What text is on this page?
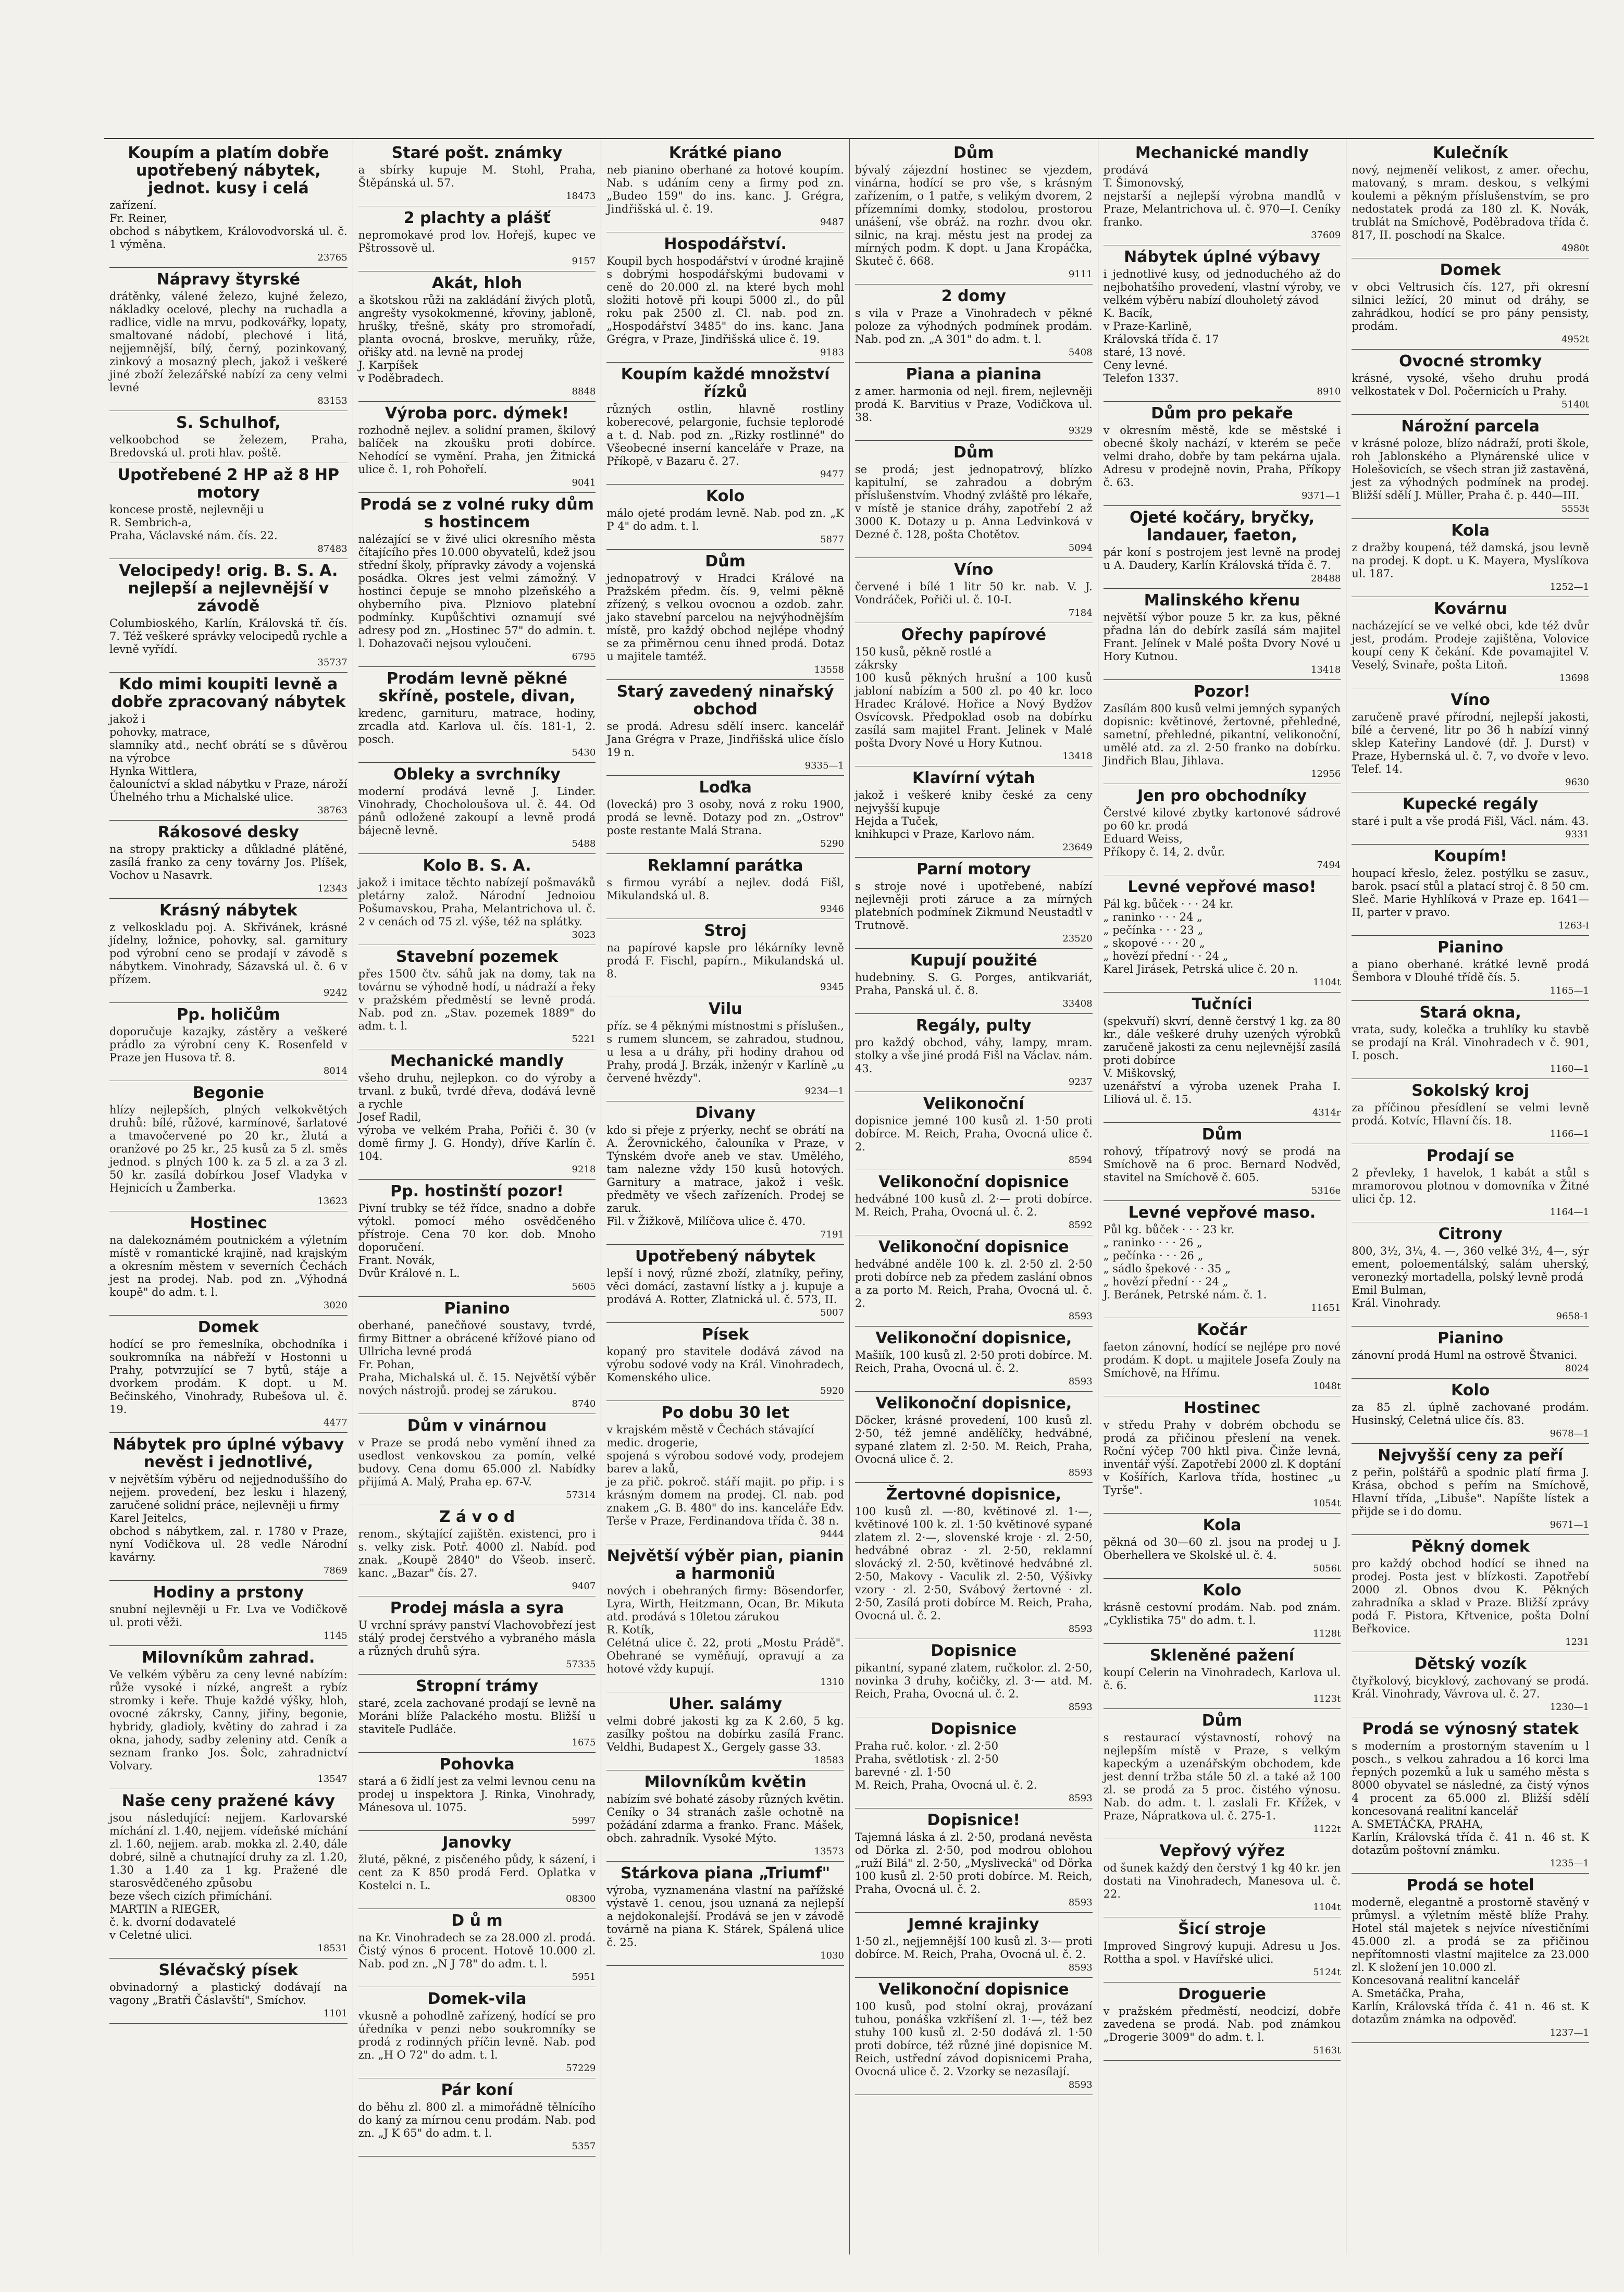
Koupím a platím dobře upotřebený nábytek, jednot. kusy i celá
zařízení.
Fr. Reiner,
obchod s nábytkem, Královodvorská ul. č. 1 výměna.
23765
Nápravy štyrské
drátěnky, válené železo, kujné železo, nákladky ocelové, plechy na ruchadla a radlice, vidle na mrvu, podkovářky, lopaty, smaltované nádobí, plechové i litá, nejjemnější, bílý, černý, pozinkovaný, zinkový a mosazný plech, jakož i veškeré jiné zboží železářské nabízí za ceny velmi levné
83153
S. Schulhof,
velkoobchod se železem, Praha, Bredovská ul. proti hlav. poště.
Upotřebené 2 HP až 8 HP motory
koncese prostě, nejlevněji u
R. Sembrich-a,
Praha, Václavské nám. čís. 22.
87483
Velocipedy! orig. B. S. A. nejlepší a nejlevnější v závodě
Columbioského, Karlín, Královská tř. čís. 7. Též veškeré správky velocipedů rychle a levně vyřídí.
35737
Kdo mimi koupiti levně a dobře zpracovaný nábytek
jakož i
pohovky, matrace,
slamníky atd., nechť obrátí se s důvěrou na výrobce
Hynka Wittlera,
čalouníctví a sklad nábytku v Praze, nároží Úhelného trhu a Michalské ulice.
38763
Rákosové desky
na stropy prakticky a důkladné plátěné, zasílá franko za ceny továrny Jos. Plíšek, Vochov u Nasavrk.
12343
Krásný nábytek
z velkoskladu poj. A. Skřivánek, krásné jídelny, ložnice, pohovky, sal. garnitury pod výrobní ceno se prodají v závodě s nábytkem. Vinohrady, Sázavská ul. č. 6 v přízem.
9242
Pp. holičům
doporučuje kazajky, zástěry a veškeré prádlo za výrobní ceny K. Rosenfeld v Praze jen Husova tř. 8.
8014
Begonie
hlízy nejlepších, plných velkokvětých druhů: bílé, růžové, karmínové, šarlatové a tmavočervené po 20 kr., žlutá a oranžové po 25 kr., 25 kusů za 5 zl. směs jednod. s plných 100 k. za 5 zl. a za 3 zl. 50 kr. zasílá dobírkou Josef Vladyka v Hejnicích u Žamberka.
13623
Hostinec
na dalekoznámém poutnickém a výletním místě v romantické krajině, nad krajským a okresním městem v severních Čechách jest na prodej. Nab. pod zn. „Výhodná koupě" do adm. t. l.
3020
Domek
hodící se pro řemeslníka, obchodníka i soukromníka na nábřeží v Hostonni u Prahy, potvrzující se 7 bytů, stáje a dvorkem prodám. K dopt. u M. Bečinského, Vinohrady, Rubešova ul. č. 19.
4477
Nábytek pro úplné výbavy nevěst i jednotlivé,
v největším výběru od nejjednoduššího do nejjem. provedení, bez lesku i hlazený, zaručené solidní práce, nejlevněji u firmy
Karel Jeitelcs,
obchod s nábytkem, zal. r. 1780 v Praze, nyní Vodičkova ul. 28 vedle Národní kavárny.
7869
Hodiny a prstony
snubní nejlevněji u Fr. Lva ve Vodičkově ul. proti věži.
1145
Milovníkům zahrad.
Ve velkém výběru za ceny levné nabízím: růže vysoké i nízké, angrešt a rybíz stromky i keře. Thuje každé výšky, hloh, ovocné zákrsky, Canny, jiřiny, begonie, hybridy, gladioly, květiny do zahrad i za okna, jahody, sadby zeleniny atd. Ceník a seznam franko Jos. Šolc, zahradnictví Volvary.
13547
Naše ceny pražené kávy
jsou následující: nejjem. Karlovarské míchání zl. 1.40, nejjem. vídeňské míchání zl. 1.60, nejjem. arab. mokka zl. 2.40, dále dobré, silně a chutnající druhy za zl. 1.20, 1.30 a 1.40 za 1 kg. Pražené dle starosvědčeného způsobu
beze všech cizích přimíchání.
MARTIN a RIEGER,
č. k. dvorní dodavatelé
v Celetné ulici.
18531
Slévačský písek
obvinadorný a plastický dodávají na vagony „Bratři Čáslavští", Smíchov.
1101
Staré pošt. známky
a sbírky kupuje M. Stohl, Praha, Štěpánská ul. 57.
18473
2 plachty a plášť
nepromokavé prod lov. Hořejš, kupec ve Pštrossově ul.
9157
Akát, hloh
a škotskou růži na zakládání živých plotů, angrešty vysokokmenné, křoviny, jabloně, hrušky, třešně, skáty pro stromořadí, planta ovocná, broskve, meruňky, růže, ořišky atd. na levně na prodej
J. Karpíšek
v Poděbradech.
8848
Výroba porc. dýmek!
rozhodně nejlev. a solidní pramen, škilový balíček na zkoušku proti dobírce. Nehodící se vymění. Praha, jen Žitnická ulice č. 1, roh Pohořelí.
9041
Prodá se z volné ruky dům s hostincem
nalézající se v živé ulici okresního města čítajícího přes 10.000 obyvatelů, kdež jsou střední školy, přípravky závody a vojenská posádka. Okres jest velmi zámožný. V hostinci čepuje se mnoho plzeňského a ohyberního piva. Plzniovo platební podmínky. Kupůšchtivi oznamují své adresy pod zn. „Hostinec 57" do admin. t. l. Dohazovači nejsou vyloučeni.
6795
Prodám levně pěkné skříně, postele, divan,
kredenc, garnituru, matrace, hodiny, zrcadla atd. Karlova ul. čís. 181-1, 2. posch.
5430
Obleky a svrchníky
moderní prodává levně J. Linder. Vinohrady, Chocholoušova ul. č. 44. Od pánů odložené zakoupí a levně prodá bájecně levně.
5488
Kolo B. S. A.
jakož i imitace těchto nabízejí pošmaváků pletárny založ. Národní Jednoiou Pošumavskou, Praha, Melantrichova ul. č. 2 v cenách od 75 zl. výše, též na splátky.
3023
Stavební pozemek
přes 1500 čtv. sáhů jak na domy, tak na továrnu se výhodně hodí, u nádraží a řeky v pražském předměstí se levně prodá. Nab. pod zn. „Stav. pozemek 1889" do adm. t. l.
5221
Mechanické mandly
všeho druhu, nejlepkon. co do výroby a trvanl. z buků, tvrdé dřeva, dodává levně a rychle
Josef Radil,
výroba ve velkém Praha, Pořiči č. 30 (v domě firmy J. G. Hondy), dříve Karlín č. 104.
9218
Pp. hostinští pozor!
Pivní trubky se též řídce, snadno a dobře výtokl. pomocí mého osvědčeného přístroje. Cena 70 kor. dob. Mnoho doporučení.
Frant. Novák,
Dvůr Králové n. L.
5605
Pianino
oberhané, panečňové soustavy, tvrdé, firmy Bittner a obrácené křížové piano od Ullricha levné prodá
Fr. Pohan,
Praha, Michalská ul. č. 15. Největší výběr nových nástrojů. prodej se zárukou.
8740
Dům v vinárnou
v Praze se prodá nebo vymění ihned za usedlost venkovskou za pomín, velké budovy. Cena domu 65.000 zl. Nabídky přijímá A. Malý, Praha ep. 67-V.
57314
Z á v o d
renom., skýtající zajištěn. existenci, pro i s. velky zisk. Potř. 4000 zl. Nabíd. pod znak. „Koupě 2840" do Všeob. inserč. kanc. „Bazar" čís. 27.
9407
Prodej másla a syra
U vrchní správy panství Vlachovobřezí jest stálý prodej čerstvého a vybraného másla a různých druhů sýra.
57335
Stropní trámy
staré, zcela zachované prodají se levně na Moráni blíže Palackého mostu. Bližší u staviteľe Pudláče.
1675
Pohovka
stará a 6 židlí jest za velmi levnou cenu na prodej u inspektora J. Rinka, Vinohrady, Mánesova ul. 1075.
5997
Janovky
žluté, pěkné, z pisčeného půdy, k sázení, i cent za K 850 prodá Ferd. Oplatka v Kostelci n. L.
08300
D ů m
na Kr. Vinohradech se za 28.000 zl. prodá. Čistý výnos 6 procent. Hotově 10.000 zl. Nab. pod zn. „N J 78" do adm. t. l.
5951
Domek-vila
vkusně a pohodlně zařízený, hodící se pro úředníka v penzi nebo soukromníky se prodá z rodinných příčin levně. Nab. pod zn. „H O 72" do adm. t. l.
57229
Pár koní
do běhu zl. 800 zl. a mimořádně tělnícího do kaný za mírnou cenu prodám. Nab. pod zn. „J K 65" do adm. t. l.
5357
Krátké piano
neb pianino oberhané za hotové koupím. Nab. s udáním ceny a firmy pod zn. „Budeo 159" do ins. kanc. J. Grégra, Jindřišská ul. č. 19.
9487
Hospodářství.
Koupil bych hospodářství v úrodné krajině s dobrými hospodářskými budovami v ceně do 20.000 zl. na které bych mohl složiti hotově při koupi 5000 zl., do půl roku pak 2500 zl. Cl. nab. pod zn. „Hospodářství 3485" do ins. kanc. Jana Grégra, v Praze, Jindřišská ulice č. 19.
9183
Koupím každé množství řízků
různých ostlin, hlavně rostliny koberecové, pelargonie, fuchsie teplorodé a t. d. Nab. pod zn. „Rizky rostlinné" do Všeobecné inserní kanceláře v Praze, na Příkopě, v Bazaru č. 27.
9477
Kolo
málo ojeté prodám levně. Nab. pod zn. „K P 4" do adm. t. l.
5877
Dům
jednopatrový v Hradci Králové na Pražském předm. čís. 9, velmi pěkně zřízený, s velkou ovocnou a ozdob. zahr. jako stavební parcelou na nejvýhodnějším místě, pro každý obchod nejlépe vhodný se za přiměrnou cenu ihned prodá. Dotaz u majitele tamtéž.
13558
Starý zavedený ninařský obchod
se prodá. Adresu sdělí inserc. kancelář Jana Grégra v Praze, Jindřišská ulice číslo 19 n.
9335—1
Loďka
(lovecká) pro 3 osoby, nová z roku 1900, prodá se levně. Dotazy pod zn. „Ostrov" poste restante Malá Strana.
5290
Reklamní parátka
s firmou vyrábí a nejlev. dodá Fišl, Mikulandská ul. 8.
9346
Stroj
na papírové kapsle pro lékárníky levně prodá F. Fischl, papírn., Mikulandská ul. 8.
9345
Vilu
příz. se 4 pěknými místnostmi s příslušen., s rumem sluncem, se zahradou, studnou, u lesa a u dráhy, při hodiny drahou od Prahy, prodá J. Brzák, inženýr v Karlíně „u červené hvězdy".
9234—1
Divany
kdo si přeje z prýerky, nechť se obrátí na A. Žerovnického, čalouníka v Praze, v Týnském dvoře aneb ve stav. Umělého, tam nalezne vždy 150 kusů hotových. Garnitury a matrace, jakož i vešk. předměty ve všech zařízeních. Prodej se zaruk.
Fil. v Žižkově, Milíčova ulice č. 470.
7191
Upotřebený nábytek
lepší i nový, různé zboží, zlatníky, peřiny, věci domácí, zastavní lístky a j. kupuje a prodává A. Rotter, Zlatnická ul. č. 573, II.
5007
Písek
kopaný pro stavitele dodává závod na výrobu sodové vody na Král. Vinohradech, Komenského ulice.
5920
Po dobu 30 let
v krajském městě v Čechách stávající
medic. drogerie,
spojená s výrobou sodové vody, prodejem barev a laků,
je za přič. pokroč. stáří majit. po přip. i s krásným domem na prodej. Cl. nab. pod znakem „G. B. 480" do ins. kanceláře Edv. Terše v Praze, Ferdinandova třída č. 38 n.
9444
Největší výběr pian, pianin a harmoniů
nových i obehraných firmy: Bösendorfer, Lyra, Wirth, Heitzmann, Ocan, Br. Mikuta atd. prodává s 10letou zárukou
R. Kotík,
Celétná ulice č. 22, proti „Mostu Prádě". Obehrané se vyměňují, opravují a za hotové vždy kupují.
1310
Uher. salámy
velmi dobré jakosti kg za K 2.60, 5 kg. zasílky poštou na dobírku zasílá Franc. Veldhi, Budapest X., Gergely gasse 33.
18583
Milovníkům květin
nabízím své bohaté zásoby různých květin. Ceníky o 34 stranách zašle ochotně na požádání zdarma a franko. Franc. Mášek, obch. zahradník. Vysoké Mýto.
13573
Stárkova piana „Triumf"
výroba, vyznamenána vlastní na pařížské výstavě 1. cenou, jsou uznaná za nejlepší a nejdokonalejší. Prodává se jen v závodě továrně na piana K. Stárek, Spálená ulice č. 25.
1030
Dům
bývalý zájezdní hostinec se vjezdem, vinárna, hodící se pro vše, s krásným zařízením, o 1 patře, s velikým dvorem, 2 přízemními domky, stodolou, prostorou unášení, vše obráž. na rozhr. dvou okr. silnic, na kraj. městu jest na prodej za mírných podm. K dopt. u Jana Kropáčka, Skuteč č. 668.
9111
2 domy
s vila v Praze a Vinohradech v pěkné poloze za výhodných podmínek prodám. Nab. pod zn. „A 301" do adm. t. l.
5408
Piana a pianina
z amer. harmonia od nejl. firem, nejlevněji prodá K. Barvitius v Praze, Vodičkova ul. 38.
9329
Dům
se prodá; jest jednopatrový, blízko kapitulní, se zahradou a dobrým příslušenstvím. Vhodný zvláště pro lékaře, v místě je stanice dráhy, zapotřebí 2 až 3000 K. Dotazy u p. Anna Ledvinková v Dezné č. 128, pošta Chotětov.
5094
Víno
červené i bílé 1 litr 50 kr. nab. V. J. Vondráček, Pořiči ul. č. 10-I.
7184
Ořechy papírové
150 kusů, pěkně rostlé a
zákrsky
100 kusů pěkných hrušní a 100 kusů jabloní nabízím a 500 zl. po 40 kr. loco Hradec Králové. Hořice a Nový Bydžov Osvícovsk. Předpoklad osob na dobírku zasílá sam majitel Frant. Jelinek v Malé pošta Dvory Nové u Hory Kutnou.
13418
Klavírní výtah
jakož i veškeré kniby české za ceny nejvyšší kupuje
Hejda a Tuček,
knihkupci v Praze, Karlovo nám.
23649
Parní motory
s stroje nové i upotřebené, nabízí nejlevněji proti záruce a za mírných platebních podmínek Zikmund Neustadtl v Trutnově.
23520
Kupují použité
hudebniny. S. G. Porges, antikvariát, Praha, Panská ul. č. 8.
33408
Regály, pulty
pro každý obchod, váhy, lampy, mram. stolky a vše jiné prodá Fišl na Václav. nám. 43.
9237
Velikonoční
dopisnice jemné 100 kusů zl. 1·50 proti dobírce. M. Reich, Praha, Ovocná ulice č. 2.
8594
Velikonoční dopisnice
hedvábné 100 kusů zl. 2·— proti dobírce. M. Reich, Praha, Ovocná ul. č. 2.
8592
Velikonoční dopisnice
hedvábné anděle 100 k. zl. 2·50 zl. 2·50 proti dobírce neb za předem zaslání obnos a za porto M. Reich, Praha, Ovocná ul. č. 2.
8593
Velikonoční dopisnice,
Mašiík, 100 kusů zl. 2·50 proti dobírce. M. Reich, Praha, Ovocná ul. č. 2.
8593
Velikonoční dopisnice,
Döcker, krásné provedení, 100 kusů zl. 2·50, též jemné andělíčky, hedvábné, sypané zlatem zl. 2·50. M. Reich, Praha, Ovocná ulice č. 2.
8593
Žertovné dopisnice,
100 kusů zl. —·80, květinové zl. 1·—, květinové 100 k. zl. 1·50 květinové sypané zlatem zl. 2·—, slovenské kroje · zl. 2·50, hedvábné obraz · zl. 2·50, reklamní slovácký zl. 2·50, květinové hedvábné zl. 2·50, Makovy - Vaculik zl. 2·50, Výšivky vzory · zl. 2·50, Svábový žertovné · zl. 2·50, Zasílá proti dobírce M. Reich, Praha, Ovocná ul. č. 2.
8593
Dopisnice
pikantní, sypané zlatem, ručkolor. zl. 2·50, novinka 3 druhy, kočičky, zl. 3·— atd. M. Reich, Praha, Ovocná ul. č. 2.
8593
Dopisnice
Praha ruč. kolor. · zl. 2·50
Praha, světlotisk · zl. 2·50
barevné · zl. 1·50
M. Reich, Praha, Ovocná ul. č. 2.
8593
Dopisnice!
Tajemná láska á zl. 2·50, prodaná nevěsta od Dörka zl. 2·50, pod modrou oblohou „ruží Bilá" zl. 2·50, „Myslivecká" od Dörka 100 kusů zl. 2·50 proti dobírce. M. Reich, Praha, Ovocná ul. č. 2.
8593
Jemné krajinky
1·50 zl., nejjemnější 100 kusů zl. 3·— proti dobírce. M. Reich, Praha, Ovocná ul. č. 2.
8593
Velikonoční dopisnice
100 kusů, pod stolní okraj, provázaní tuhou, ponáška vzkříšení zl. 1·—, též bez stuhy 100 kusů zl. 2·50 dodává zl. 1·50 proti dobírce, též různé jiné dopisnice M. Reich, ustřední závod dopisnicemi Praha, Ovocná ulice č. 2. Vzorky se nezasílají.
8593
Mechanické mandly
prodává
T. Šimonovský,
nejstarší a nejlepší výrobna mandlů v Praze, Melantrichova ul. č. 970—I. Ceníky franko.
37609
Nábytek úplné výbavy
i jednotlivé kusy, od jednoduchého až do nejbohatšího provedení, vlastní výroby, ve velkém výběru nabízí dlouholetý závod
K. Bacík,
v Praze-Karlině,
Královská třída č. 17
staré, 13 nové.
Ceny levné.
Telefon 1337.
8910
Dům pro pekaře
v okresním městě, kde se městské i obecné školy nachází, v kterém se peče velmi draho, dobře by tam pekárna ujala. Adresu v prodejně novin, Praha, Příkopy č. 63.
9371—1
Ojeté kočáry, bryčky, landauer, faeton,
pár koní s postrojem jest levně na prodej u A. Daudery, Karlín Královská třída č. 7.
28488
Malinského křenu
největší výbor pouze 5 kr. za kus, pěkné přadna lán do debírk zasílá sám majitel Frant. Jelínek v Malé pošta Dvory Nové u Hory Kutnou.
13418
Pozor!
Zasílám 800 kusů velmi jemných sypaných dopisnic: květinové, žertovné, přehledné, sametní, přehledné, pikantní, velikonoční, umělé atd. za zl. 2·50 franko na dobírku. Jindřich Blau, Jihlava.
12956
Jen pro obchodníky
Čerstvé kilové zbytky kartonové sádrové po 60 kr. prodá
Eduard Weiss,
Příkopy č. 14, 2. dvůr.
7494
Levné vepřové maso!
Pál kg. bůček · · · 24 kr.
„ raninko · · · 24 „
„ pečínka · · · 23 „
„ skopové · · · 20 „
„ hovězí přední · · 24 „
Karel Jirásek, Petrská ulice č. 20 n.
1104t
Tučníci
(spekvuří) skvrí, denně čerstvý 1 kg. za 80 kr., dále veškeré druhy uzených výrobků zaručeně jakosti za cenu nejlevnější zasílá proti dobírce
V. Miškovský,
uzenářství a výroba uzenek Praha I. Liliová ul. č. 15.
4314r
Dům
rohový, třípatrový nový se prodá na Smíchově na 6 proc. Bernard Nodvěd, stavitel na Smíchově č. 605.
5316e
Levné vepřové maso.
Půl kg. bůček · · · 23 kr.
„ raninko · · · 26 „
„ pečínka · · · 26 „
„ sádlo špekové · · 35 „
„ hovězí přední · · 24 „
J. Beránek, Petrské nám. č. 1.
11651
Kočár
faeton zánovní, hodící se nejlépe pro nové prodám. K dopt. u majitele Josefa Zouly na Smíchově, na Hřímu.
1048t
Hostinec
v středu Prahy v dobrém obchodu se prodá za přičinou přeslení na venek. Roční výčep 700 hktl piva. Činže levná, inventář výší. Zapotřebí 2000 zl. K doptání v Košířích, Karlova třída, hostinec „u Tyrše".
1054t
Kola
pěkná od 30—60 zl. jsou na prodej u J. Oberhellera ve Skolské ul. č. 4.
5056t
Kolo
krásně cestovní prodám. Nab. pod znám. „Cyklistika 75" do adm. t. l.
1128t
Skleněné pažení
koupí Celerin na Vinohradech, Karlova ul. č. 6.
1123t
Dům
s restaurací výstavností, rohový na nejlepším místě v Praze, s velkým kapeckým a uzenářským obchodem, kde jest denní tržba stále 50 zl. a také až 100 zl. se prodá za 5 proc. čistého výnosu. Nab. do adm. t. l. zaslali Fr. Křížek, v Praze, Nápratkova ul. č. 275-1.
1122t
Vepřový výřez
od šunek každý den čerstvý 1 kg 40 kr. jen dostati na Vinohradech, Manesova ul. č. 22.
1104t
Šicí stroje
Improved Singrový kupuji. Adresu u Jos. Rottha a spol. v Havířské ulici.
5124t
Droguerie
v pražském předměstí, neodcizí, dobře zavedena se prodá. Nab. pod známkou „Drogerie 3009" do adm. t. l.
5163t
Kulečník
nový, nejmeněí velikost, z amer. ořechu, matovaný, s mram. deskou, s velkými koulemi a pěkným příslušenstvím, se pro nedostatek prodá za 180 zl. K. Novák, trublát na Smíchově, Poděbradova třída č. 817, II. poschodí na Skalce.
4980t
Domek
v obci Veltrusich čís. 127, při okresní silnici ležící, 20 minut od dráhy, se zahrádkou, hodící se pro pány pensisty, prodám.
4952t
Ovocné stromky
krásné, vysoké, všeho druhu prodá velkostatek v Dol. Počernicích u Prahy.
5140t
Nárožní parcela
v krásné poloze, blízo nádraží, proti škole, roh Jablonského a Plynárenské ulice v Holešovicích, se všech stran již zastavěná, jest za výhodných podmínek na prodej. Bližší sdělí J. Müller, Praha č. p. 440—III.
5553t
Kola
z dražby koupená, též damská, jsou levně na prodej. K dopt. u K. Mayera, Myslíkova ul. 187.
1252—1
Kovárnu
nacházející se ve velké obci, kde též dvůr jest, prodám. Prodeje zajištěna, Volovice koupí ceny K čekání. Kde povamajitel V. Veselý, Svinaře, pošta Litoň.
13698
Víno
zaručeně pravé přírodní, nejlepší jakosti, bílé a červené, litr po 36 h nabízí vinný sklep Kateřiny Landové (dř. J. Durst) v Praze, Hybernská ul. č. 7, vo dvoře v levo. Telef. 14.
9630
Kupecké regály
staré i pult a vše prodá Fišl, Václ. nám. 43.
9331
Koupím!
houpací křeslo, želez. postýlku se zasuv., barok. psací stůl a platací stroj č. 8 50 cm. Sleč. Marie Hyhlíková v Praze ep. 1641—II, parter v pravo.
1263-I
Pianino
a piano oberhané. krátké levně prodá Šembora v Dlouhé třídě čís. 5.
1165—1
Stará okna,
vrata, sudy, kolečka a truhlíky ku stavbě se prodají na Král. Vinohradech v č. 901, I. posch.
1160—1
Sokolský kroj
za příčinou přesídlení se velmi levně prodá. Kotvíc, Hlavní čís. 18.
1166—1
Prodají se
2 převleky, 1 havelok, 1 kabát a stůl s mramorovou plotnou v domovníka v Žitné ulici čp. 12.
1164—1
Citrony
800, 3½, 3¼, 4. —, 360 velké 3½, 4—, sýr ement, poloementálský, salám uherský, veronezký mortadella, polský levně prodá
Emil Bulman,
Král. Vinohrady.
9658-1
Pianino
zánovní prodá Huml na ostrově Štvanici.
8024
Kolo
za 85 zl. úplně zachované prodám. Husinský, Celetná ulice čís. 83.
9678—1
Nejvyšší ceny za peří
z peřin, polštářů a spodnic platí firma J. Krása, obchod s peřím na Smíchově, Hlavní třída, „Libuše". Napíšte lístek a přijde se i do domu.
9671—1
Pěkný domek
pro každý obchod hodící se ihned na prodej. Posta jest v blízkosti. Zapotřebí 2000 zl. Obnos dvou K. Pěkných zahradníka a sklad v Praze. Bližší zprávy podá F. Pistora, Křtvenice, pošta Dolní Beřkovice.
1231
Dětský vozík
čtyřkolový, bicyklový, zachovaný se prodá. Král. Vinohrady, Vávrova ul. č. 27.
1230—1
Prodá se výnosný statek
s moderním a prostorným stavením u l posch., s velkou zahradou a 16 korci lma řepných pozemků a luk u samého města s 8000 obyvatel se následné, za čistý výnos 4 procent za 65.000 zl. Bližší sdělí koncesovaná realitní kancelář
A. SMETÁČKA, PRAHA,
Karlín, Královská třída č. 41 n. 46 st. K dotazům poštovní známku.
1235—1
Prodá se hotel
moderně, elegantně a prostorně stavěný v průmysl. a výletním městě blíže Prahy. Hotel stál majetek s nejvíce nívestičními 45.000 zl. a prodá se za přičinou nepřítomnosti vlastní majitelce za 23.000 zl. K složení jen 10.000 zl.
Koncesovaná realitní kancelář
A. Smetáčka, Praha,
Karlín, Královská třída č. 41 n. 46 st. K dotazům známka na odpověď.
1237—1
